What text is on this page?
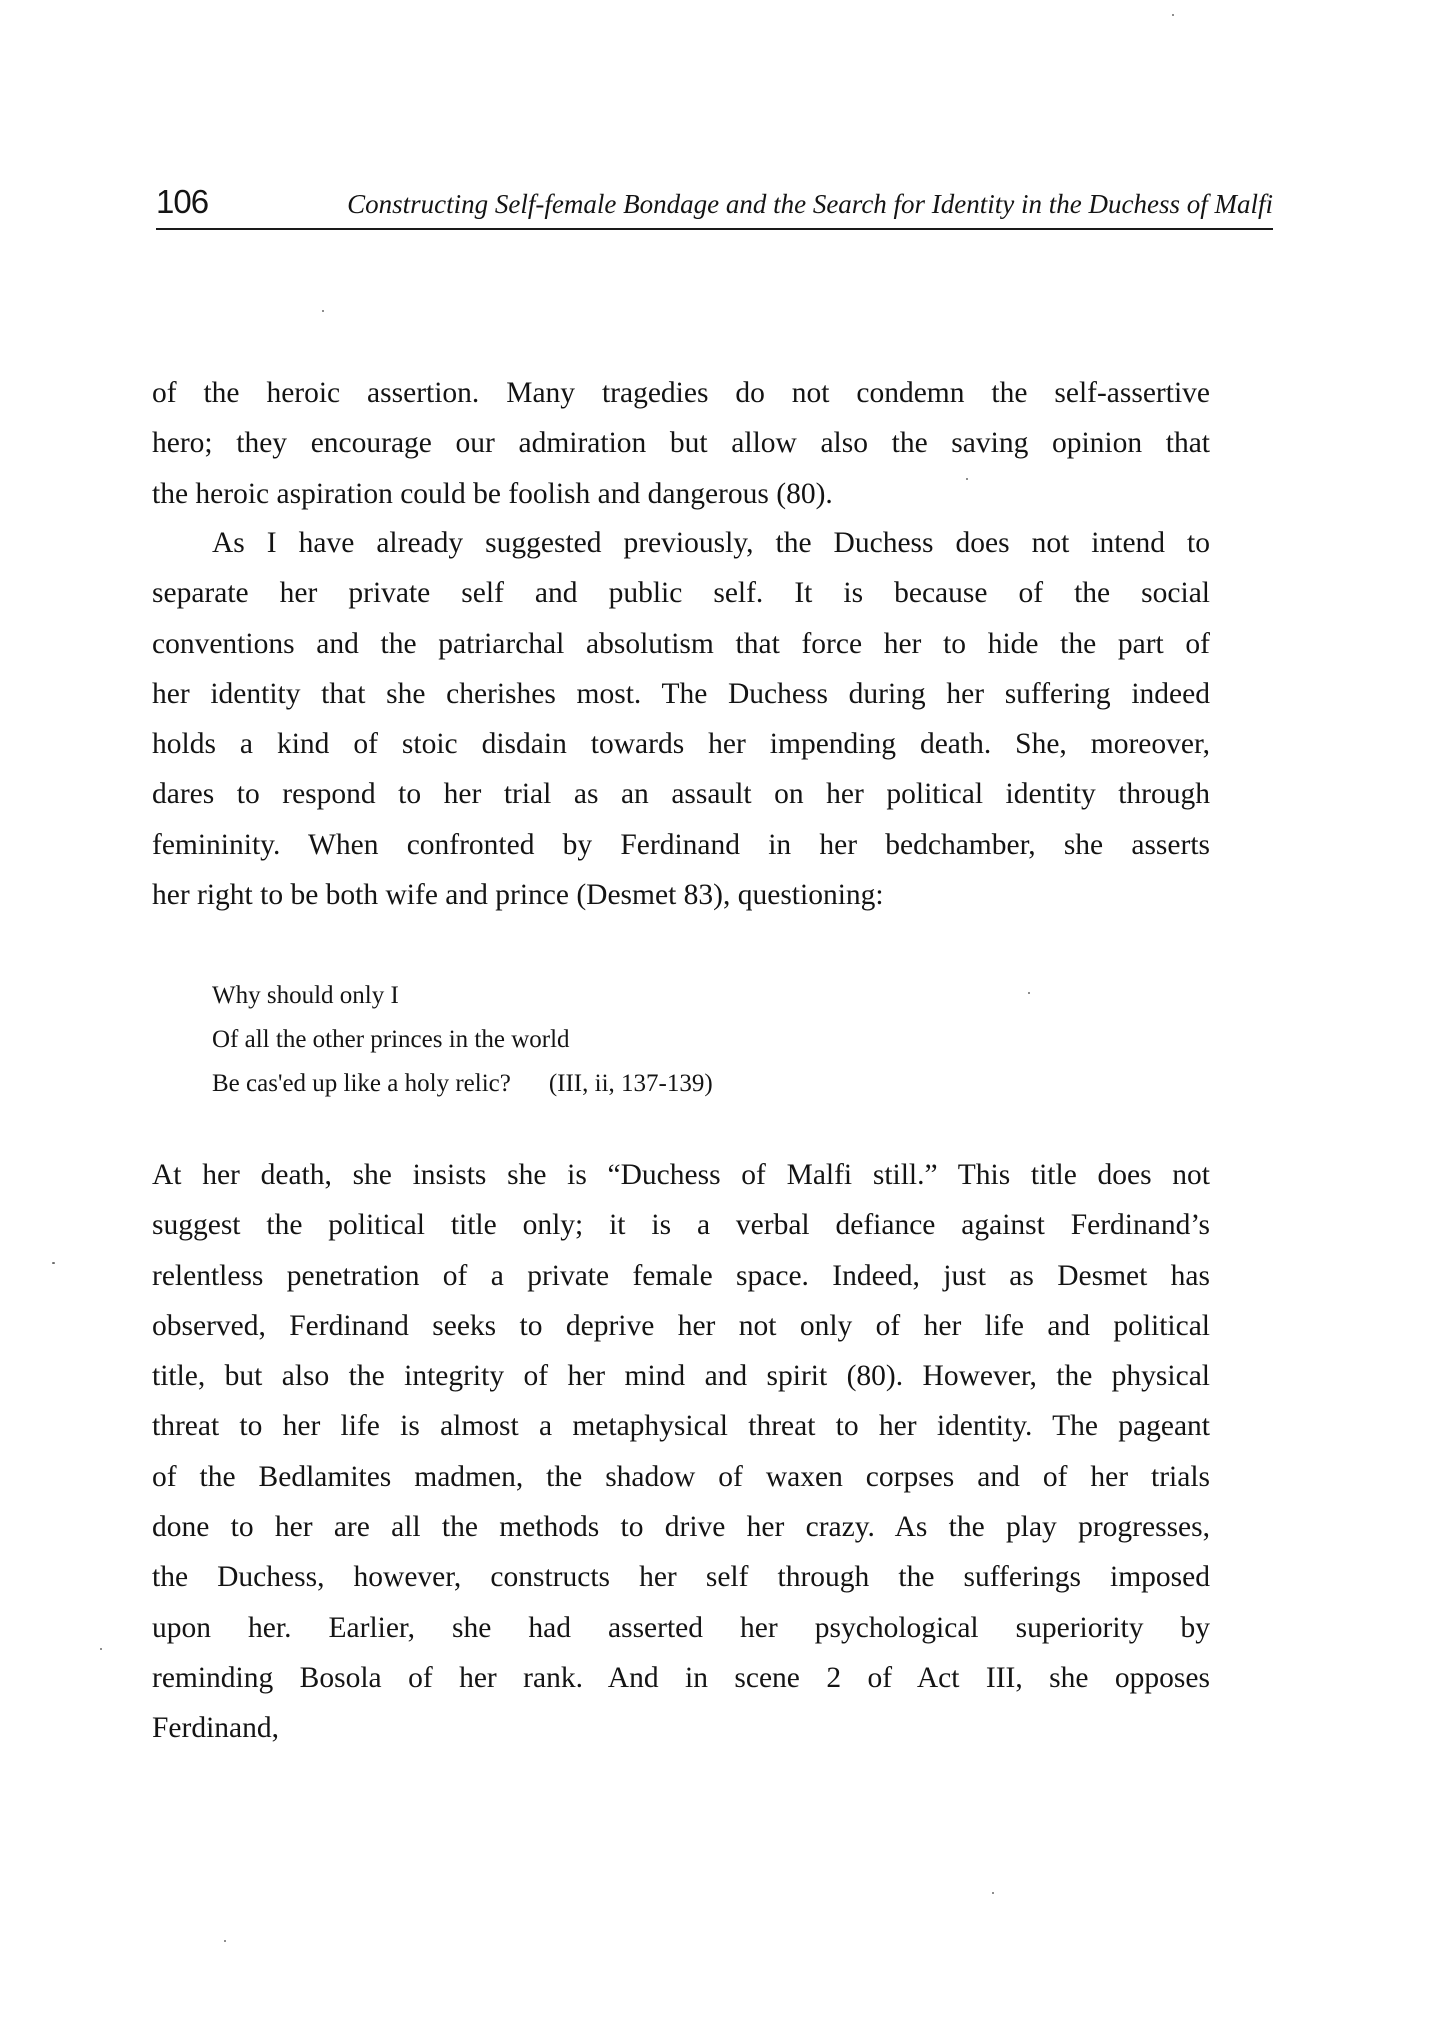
106	Constructing Self-female Bondage and the Search for Identity in the Duchess of Malfi
of the heroic assertion. Many tragedies do not condemn the self-assertive
hero; they encourage our admiration but allow also the saving opinion that
the heroic aspiration could be foolish and dangerous (80).
As I have already suggested previously, the Duchess does not intend to
separate her private self and public self. It is because of the social
conventions and the patriarchal absolutism that force her to hide the part of
her identity that she cherishes most. The Duchess during her suffering indeed
holds a kind of stoic disdain towards her impending death. She, moreover,
dares to respond to her trial as an assault on her political identity through
femininity. When confronted by Ferdinand in her bedchamber, she asserts
her right to be both wife and prince (Desmet 83), questioning:
Why should only I
Of all the other princes in the world
Be cas'ed up like a holy relic? (III, ii, 137-139)
At her death, she insists she is “Duchess of Malfi still.” This title does not
suggest the political title only; it is a verbal defiance against Ferdinand’s
relentless penetration of a private female space. Indeed, just as Desmet has
observed, Ferdinand seeks to deprive her not only of her life and political
title, but also the integrity of her mind and spirit (80). However, the physical
threat to her life is almost a metaphysical threat to her identity. The pageant
of the Bedlamites madmen, the shadow of waxen corpses and of her trials
done to her are all the methods to drive her crazy. As the play progresses,
the Duchess, however, constructs her self through the sufferings imposed
upon her. Earlier, she had asserted her psychological superiority by
reminding Bosola of her rank. And in scene 2 of Act III, she opposes
Ferdinand,
